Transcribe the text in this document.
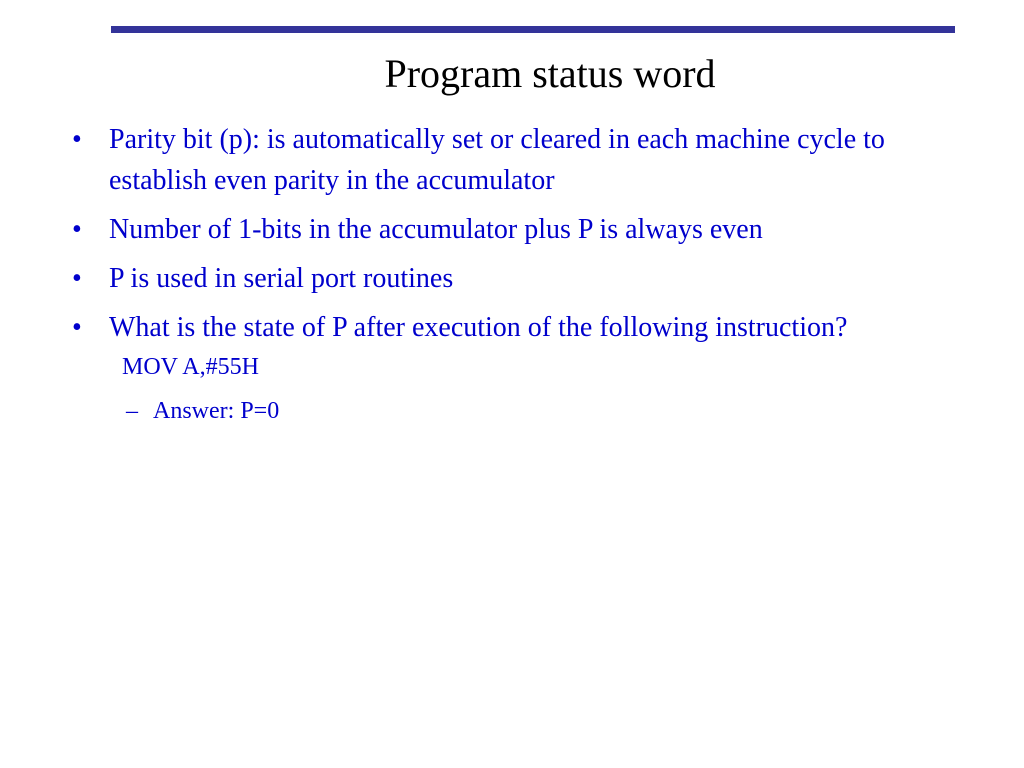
Program status word
• Parity bit (p): is automatically set or cleared in each machine cycle to establish even parity in the accumulator
• Number of 1-bits in the accumulator plus P is always even
• P is used in serial port routines
• What is the state of P after execution of the following instruction?
MOV A,#55H
– Answer: P=0
